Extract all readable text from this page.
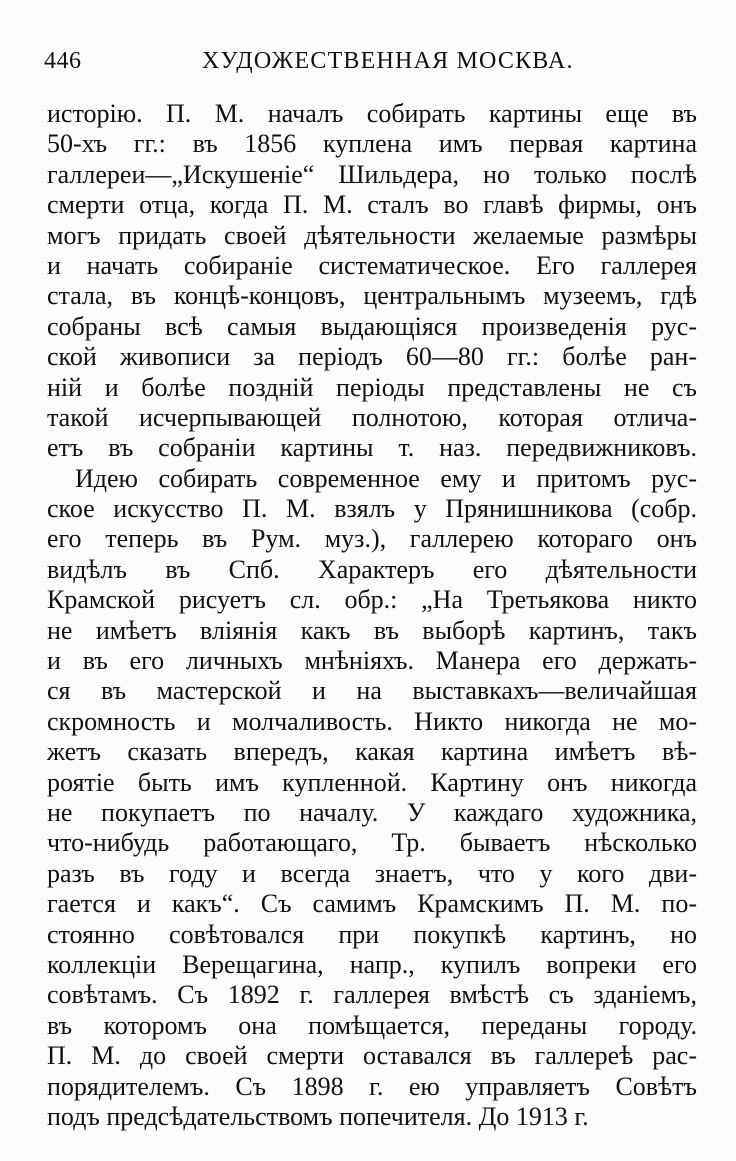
446	ХУДОЖЕСТВЕННАЯ МОСКВА.
исторію. П. М. началъ собирать картины еще въ
50-хъ гг.: въ 1856 куплена имъ первая картина
галлереи—„Искушеніе“ Шильдера, но только послѣ
смерти отца, когда П. М. сталъ во главѣ фирмы, онъ
могъ придать своей дѣятельности желаемые размѣры
и начать собираніе систематическое. Его галлерея
стала, въ концѣ-концовъ, центральнымъ музеемъ, гдѣ
собраны всѣ самыя выдающіяся произведенія рус-
ской живописи за періодъ 60—80 гг.: болѣе ран-
ній и болѣе поздній періоды представлены не съ
такой исчерпывающей полнотою, которая отлича-
етъ въ собраніи картины т. наз. передвижниковъ.
Идею собирать современное ему и притомъ рус-
ское искусство П. М. взялъ у Прянишникова (собр.
его теперь въ Рум. муз.), галлерею котораго онъ
видѣлъ въ Спб. Характеръ его дѣятельности
Крамской рисуетъ сл. обр.: „На Третьякова никто
не имѣетъ вліянія какъ въ выборѣ картинъ, такъ
и въ его личныхъ мнѣніяхъ. Манера его держать-
ся въ мастерской и на выставкахъ—величайшая
скромность и молчаливость. Никто никогда не мо-
жетъ сказать впередъ, какая картина имѣетъ вѣ-
роятіе быть имъ купленной. Картину онъ никогда
не покупаетъ по началу. У каждаго художника,
что-нибудь работающаго, Тр. бываетъ нѣсколько
разъ въ году и всегда знаетъ, что у кого дви-
гается и какъ“. Съ самимъ Крамскимъ П. М. по-
стоянно совѣтовался при покупкѣ картинъ, но
коллекціи Верещагина, напр., купилъ вопреки его
совѣтамъ. Съ 1892 г. галлерея вмѣстѣ съ зданіемъ,
въ которомъ она помѣщается, переданы городу.
П. М. до своей смерти оставался въ галлереѣ рас-
порядителемъ. Съ 1898 г. ею управляетъ Совѣтъ
подъ предсѣдательствомъ попечителя. До 1913 г.
